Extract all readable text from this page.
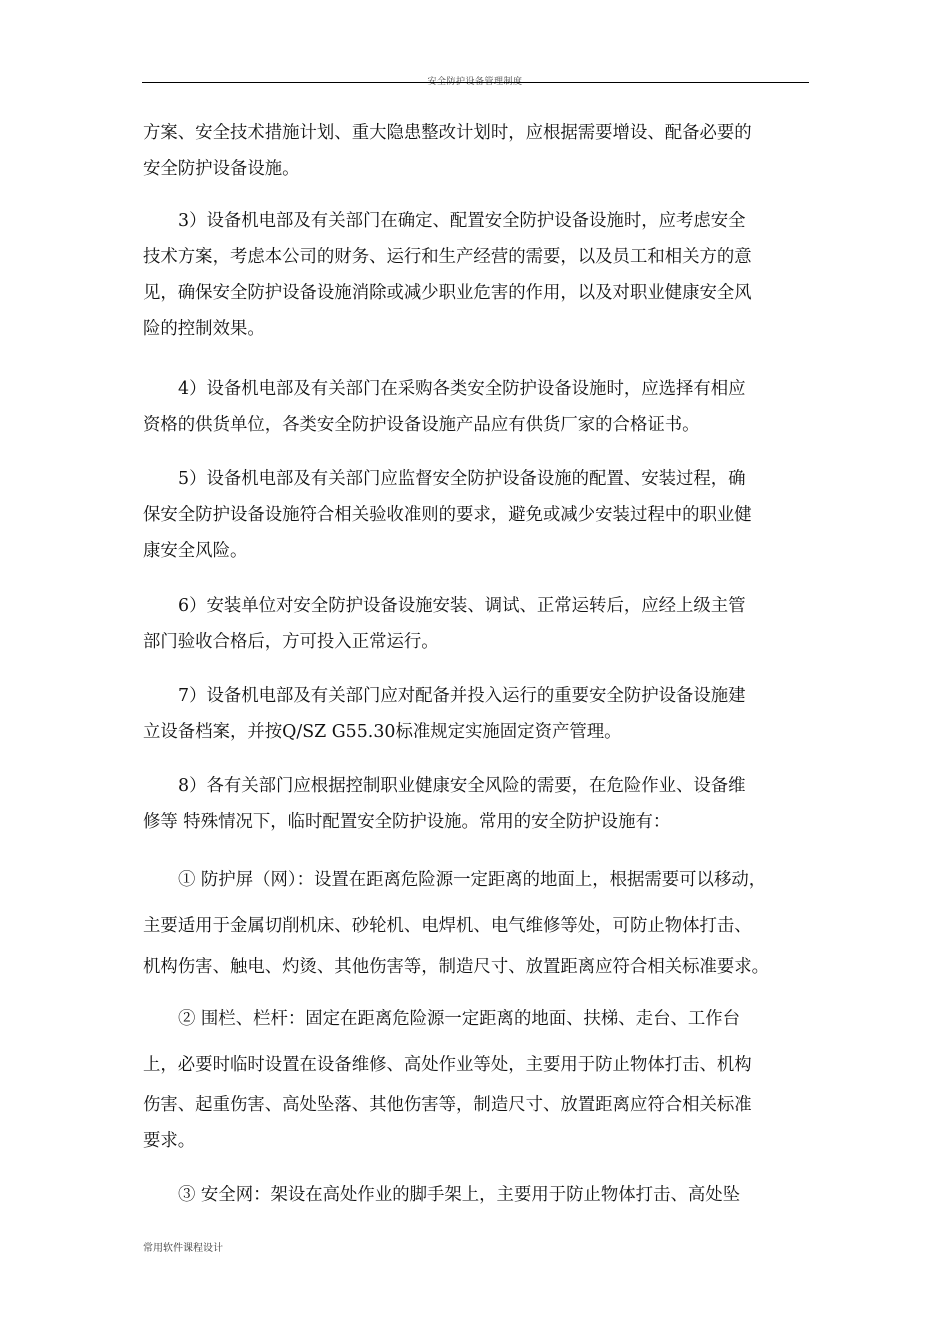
安全防护设备管理制度
方案、安全技术措施计划、重大隐患整改计划时，应根据需要增设、配备必要的
安全防护设备设施。
3）设备机电部及有关部门在确定、配置安全防护设备设施时，应考虑安全
技术方案，考虑本公司的财务、运行和生产经营的需要，以及员工和相关方的意
见，确保安全防护设备设施消除或减少职业危害的作用，以及对职业健康安全风
险的控制效果。
4）设备机电部及有关部门在采购各类安全防护设备设施时，应选择有相应
资格的供货单位，各类安全防护设备设施产品应有供货厂家的合格证书。
5）设备机电部及有关部门应监督安全防护设备设施的配置、安装过程，确
保安全防护设备设施符合相关验收准则的要求，避免或减少安装过程中的职业健
康安全风险。
6）安装单位对安全防护设备设施安装、调试、正常运转后，应经上级主管
部门验收合格后，方可投入正常运行。
7）设备机电部及有关部门应对配备并投入运行的重要安全防护设备设施建
立设备档案，并按Q/SZ G55.30标准规定实施固定资产管理。
8）各有关部门应根据控制职业健康安全风险的需要，在危险作业、设备维
修等 特殊情况下，临时配置安全防护设施。常用的安全防护设施有：
① 防护屏（网）：设置在距离危险源一定距离的地面上，根据需要可以移动，
主要适用于金属切削机床、砂轮机、电焊机、电气维修等处，可防止物体打击、
机构伤害、触电、灼烫、其他伤害等，制造尺寸、放置距离应符合相关标准要求。
② 围栏、栏杆：固定在距离危险源一定距离的地面、扶梯、走台、工作台
上，必要时临时设置在设备维修、高处作业等处，主要用于防止物体打击、机构
伤害、起重伤害、高处坠落、其他伤害等，制造尺寸、放置距离应符合相关标准
要求。
③ 安全网：架设在高处作业的脚手架上，主要用于防止物体打击、高处坠
常用软件课程设计
